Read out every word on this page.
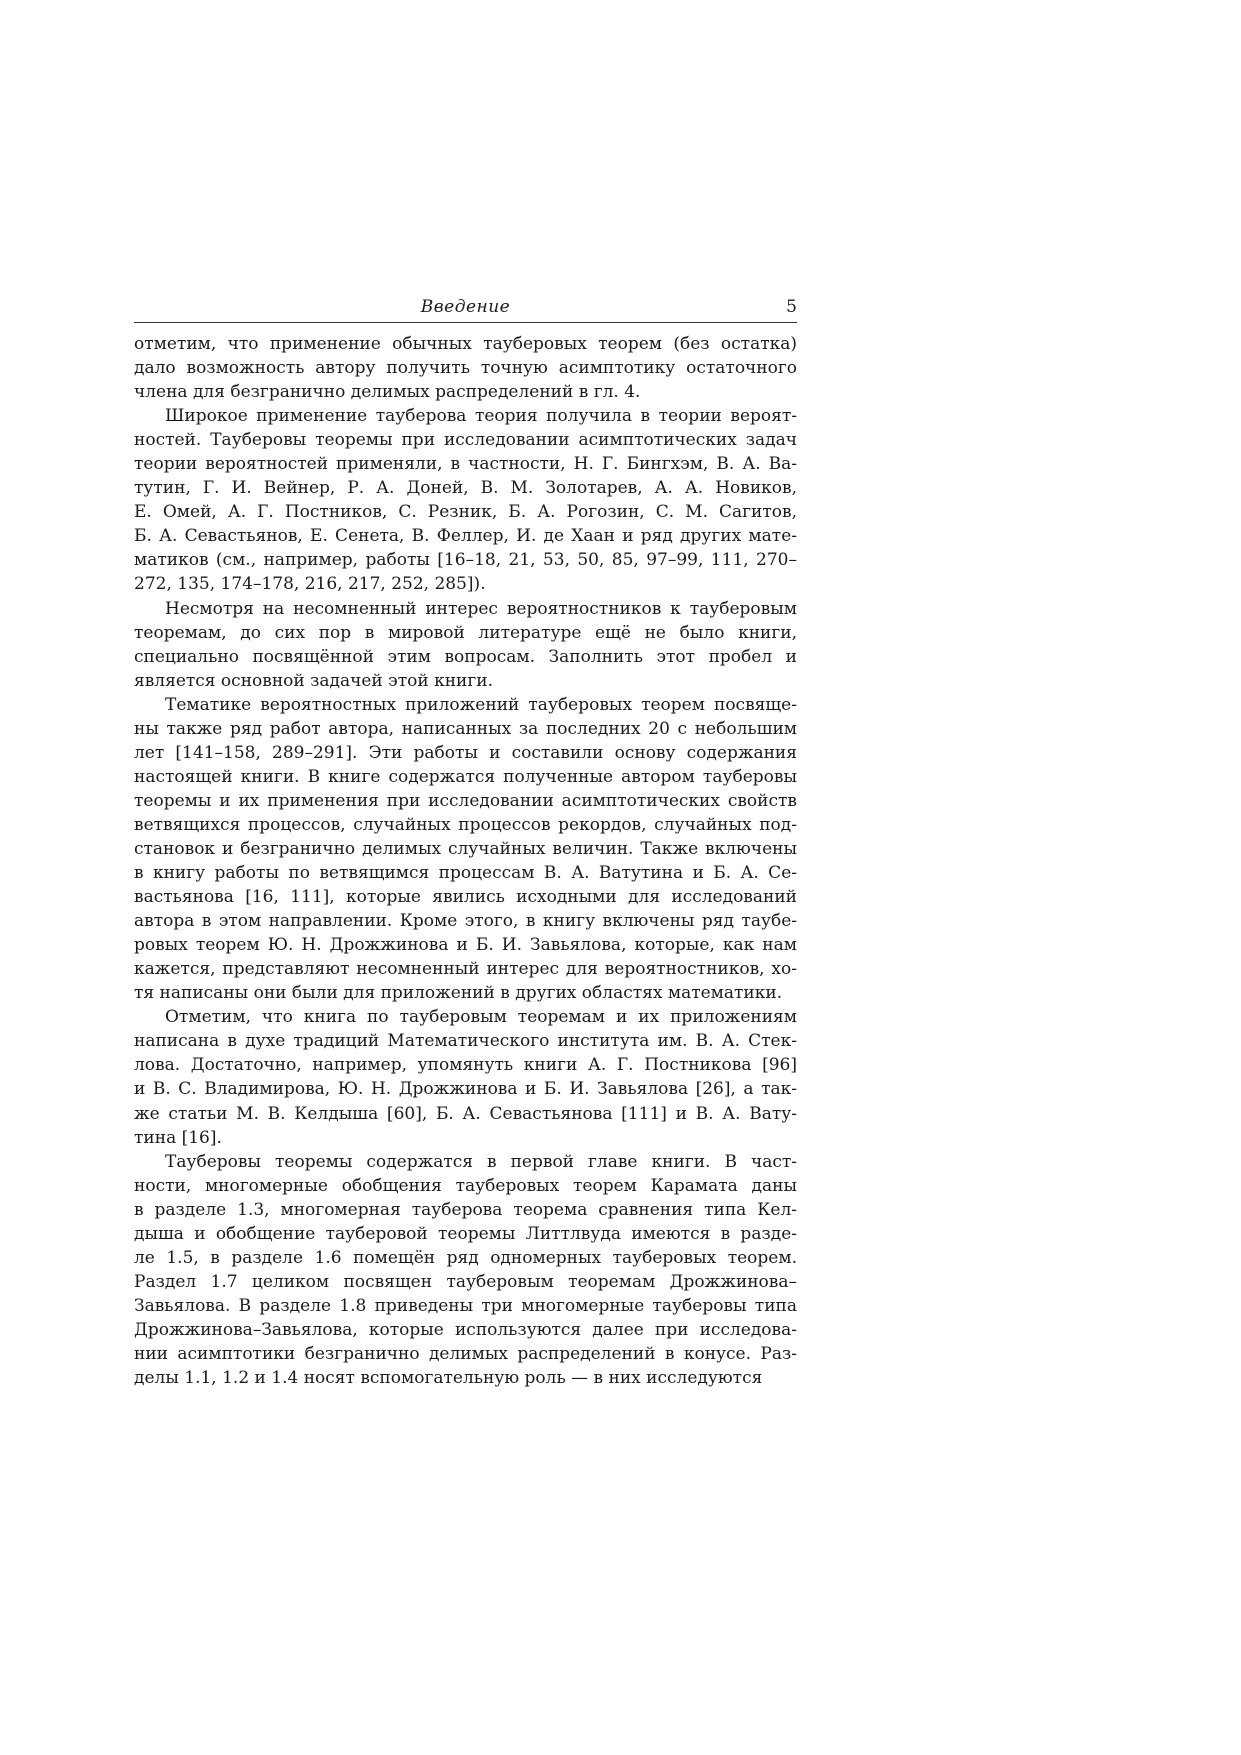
Введение	5
отметим, что применение обычных тауберовых теорем (без остатка)
дало возможность автору получить точную асимптотику остаточного
члена для безгранично делимых распределений в гл. 4.
Широкое применение тауберова теория получила в теории вероят-
ностей. Тауберовы теоремы при исследовании асимптотических задач
теории вероятностей применяли, в частности, Н. Г. Бингхэм, В. А. Ва-
тутин, Г. И. Вейнер, Р. А. Доней, В. М. Золотарев, А. А. Новиков,
Е. Омей, А. Г. Постников, С. Резник, Б. А. Рогозин, С. М. Сагитов,
Б. А. Севастьянов, Е. Сенета, В. Феллер, И. де Хаан и ряд других мате-
матиков (см., например, работы [16–18, 21, 53, 50, 85, 97–99, 111, 270–
272, 135, 174–178, 216, 217, 252, 285]).
Несмотря на несомненный интерес вероятностников к тауберовым
теоремам, до сих пор в мировой литературе ещё не было книги,
специально посвящённой этим вопросам. Заполнить этот пробел и
является основной задачей этой книги.
Тематике вероятностных приложений тауберовых теорем посвяще-
ны также ряд работ автора, написанных за последних 20 с небольшим
лет [141–158, 289–291]. Эти работы и составили основу содержания
настоящей книги. В книге содержатся полученные автором тауберовы
теоремы и их применения при исследовании асимптотических свойств
ветвящихся процессов, случайных процессов рекордов, случайных под-
становок и безгранично делимых случайных величин. Также включены
в книгу работы по ветвящимся процессам В. А. Ватутина и Б. А. Се-
вастьянова [16, 111], которые явились исходными для исследований
автора в этом направлении. Кроме этого, в книгу включены ряд таубе-
ровых теорем Ю. Н. Дрожжинова и Б. И. Завьялова, которые, как нам
кажется, представляют несомненный интерес для вероятностников, хо-
тя написаны они были для приложений в других областях математики.
Отметим, что книга по тауберовым теоремам и их приложениям
написана в духе традиций Математического института им. В. А. Стек-
лова. Достаточно, например, упомянуть книги А. Г. Постникова [96]
и В. С. Владимирова, Ю. Н. Дрожжинова и Б. И. Завьялова [26], а так-
же статьи М. В. Келдыша [60], Б. А. Севастьянова [111] и В. А. Вату-
тина [16].
Тауберовы теоремы содержатся в первой главе книги. В част-
ности, многомерные обобщения тауберовых теорем Карамата даны
в разделе 1.3, многомерная тауберова теорема сравнения типа Кел-
дыша и обобщение тауберовой теоремы Литтлвуда имеются в разде-
ле 1.5, в разделе 1.6 помещён ряд одномерных тауберовых теорем.
Раздел 1.7 целиком посвящен тауберовым теоремам Дрожжинова–
Завьялова. В разделе 1.8 приведены три многомерные тауберовы типа
Дрожжинова–Завьялова, которые используются далее при исследова-
нии асимптотики безгранично делимых распределений в конусе. Раз-
делы 1.1, 1.2 и 1.4 носят вспомогательную роль — в них исследуются
